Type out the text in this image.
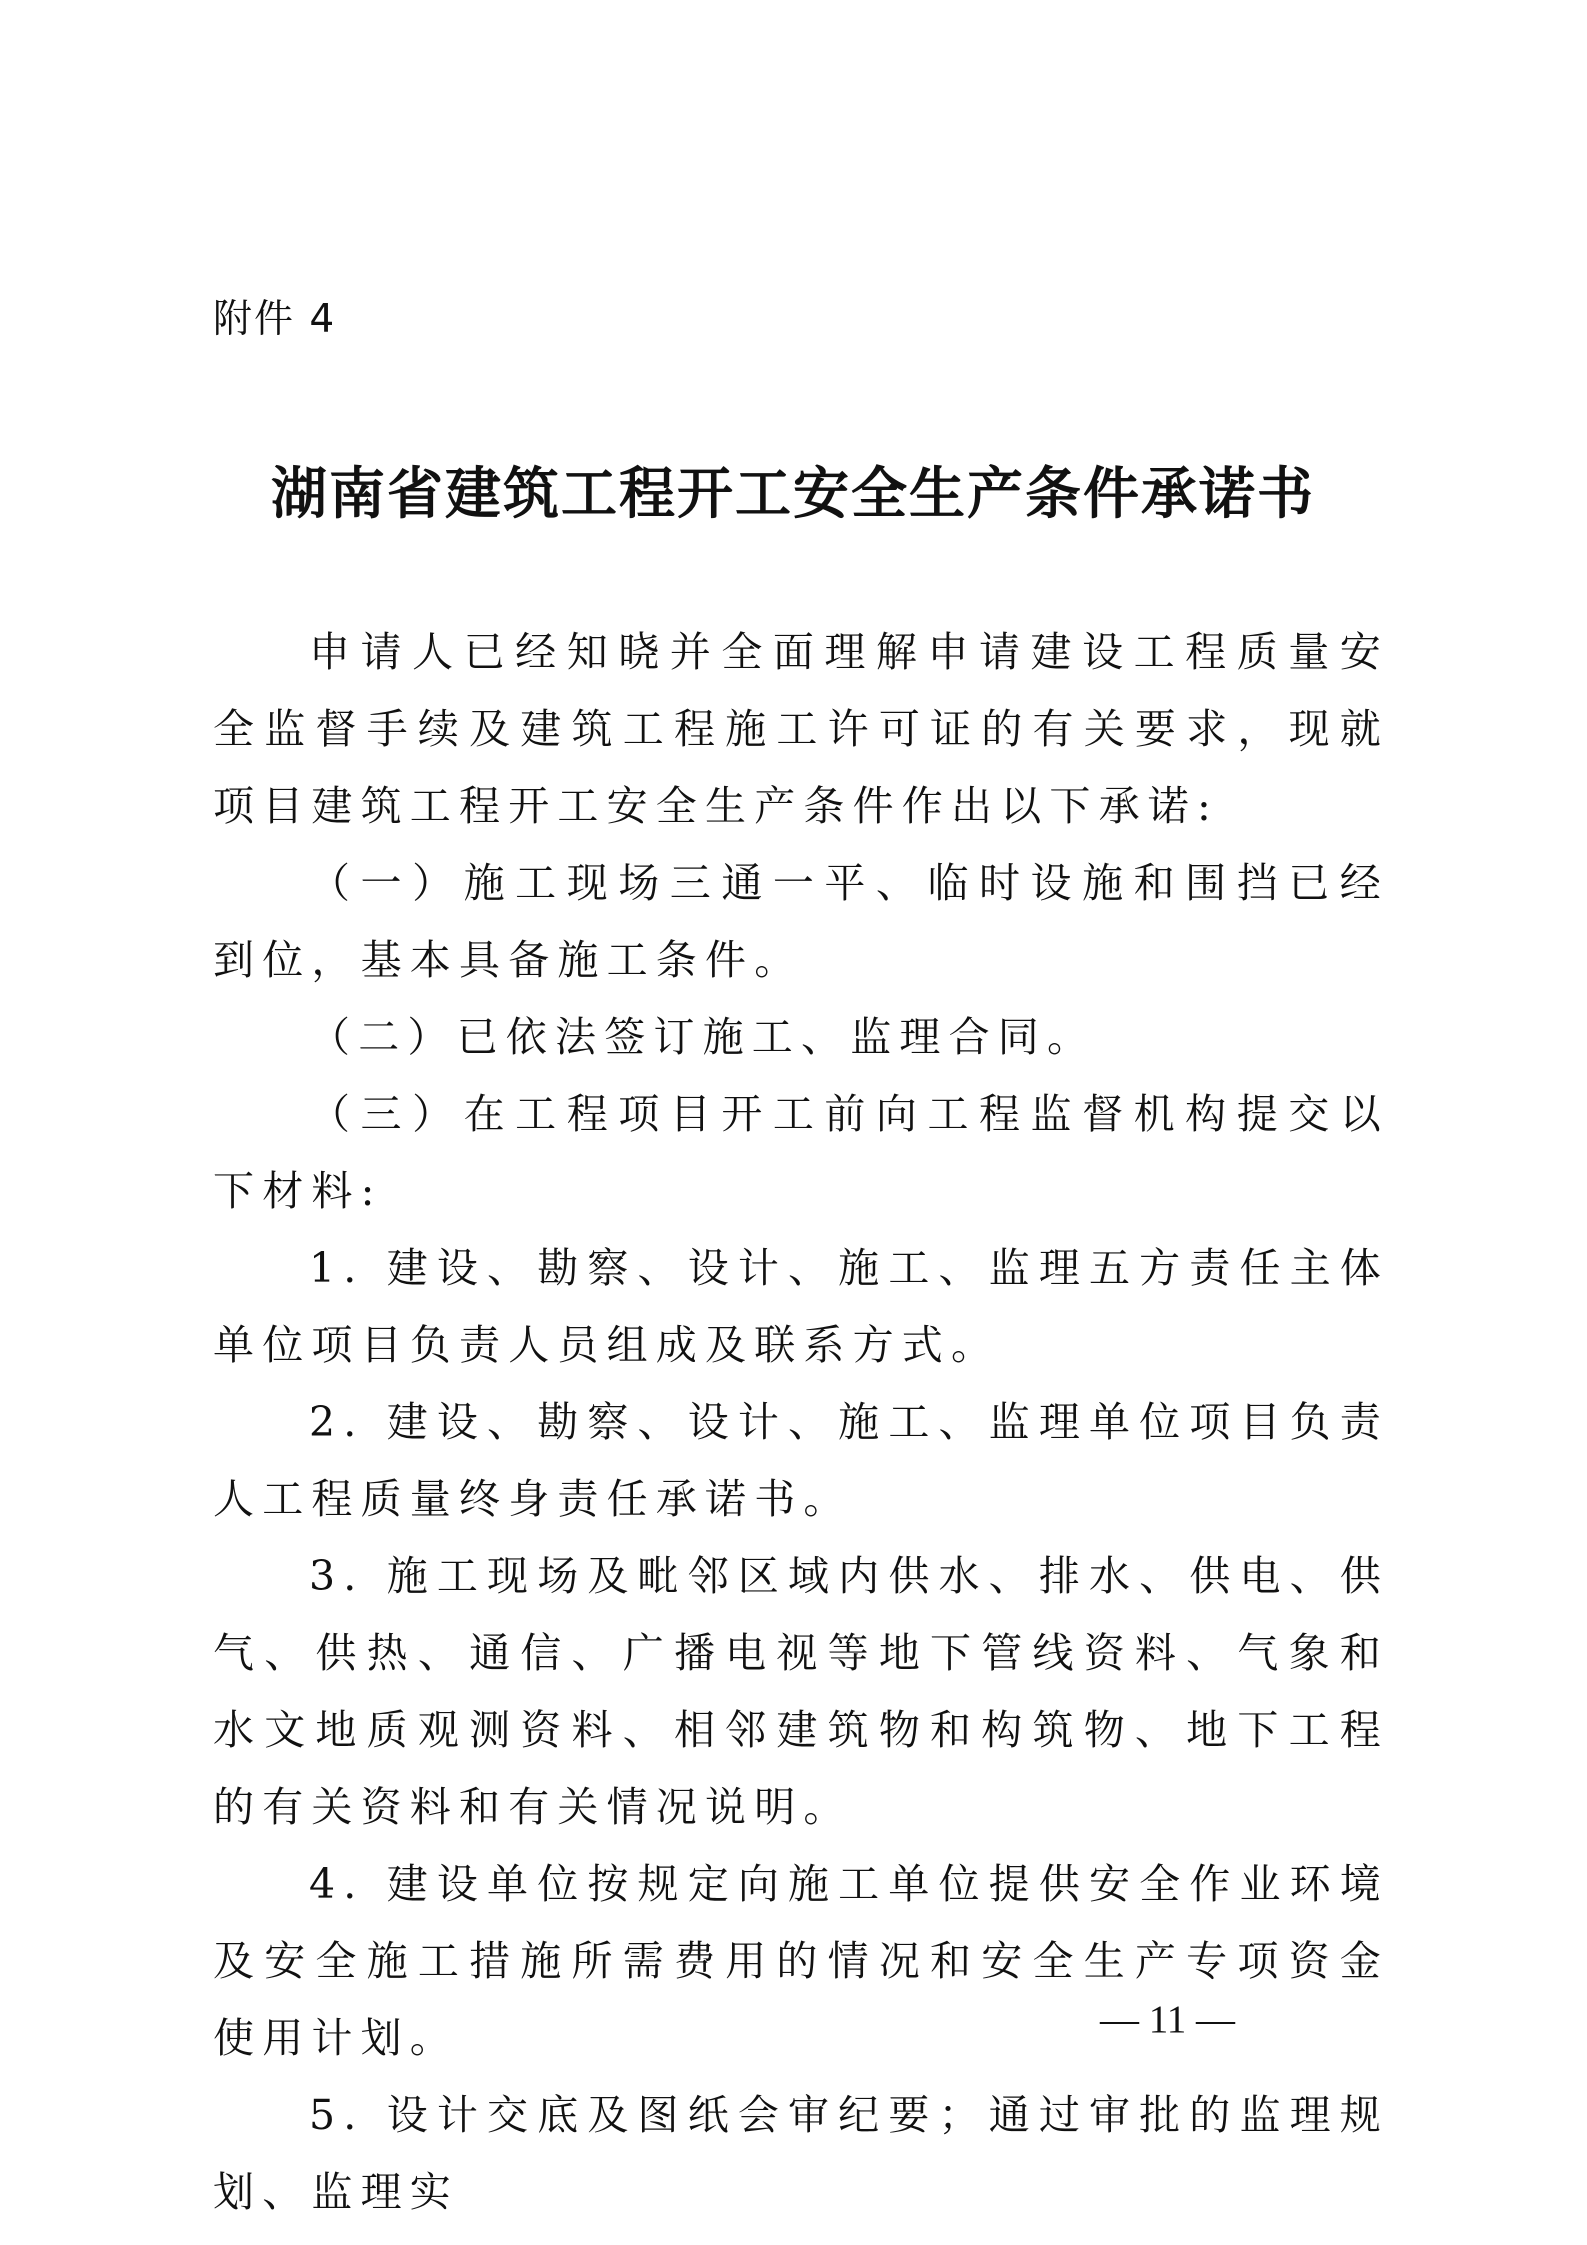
附件 4
湖南省建筑工程开工安全生产条件承诺书

申请人已经知晓并全面理解申请建设工程质量安全监督手续及建筑工程施工许可证的有关要求，现就项目建筑工程开工安全生产条件作出以下承诺:

（一）施工现场三通一平、临时设施和围挡已经到位，基本具备施工条件。

（二）已依法签订施工、监理合同。

（三）在工程项目开工前向工程监督机构提交以下材料:

1. 建设、勘察、设计、施工、监理五方责任主体单位项目负责人员组成及联系方式。

2. 建设、勘察、设计、施工、监理单位项目负责人工程质量终身责任承诺书。

3. 施工现场及毗邻区域内供水、排水、供电、供气、供热、通信、广播电视等地下管线资料、气象和水文地质观测资料、相邻建筑物和构筑物、地下工程的有关资料和有关情况说明。

4. 建设单位按规定向施工单位提供安全作业环境及安全施工措施所需费用的情况和安全生产专项资金使用计划。

5. 设计交底及图纸会审纪要；通过审批的监理规划、监理实

— 11 —
